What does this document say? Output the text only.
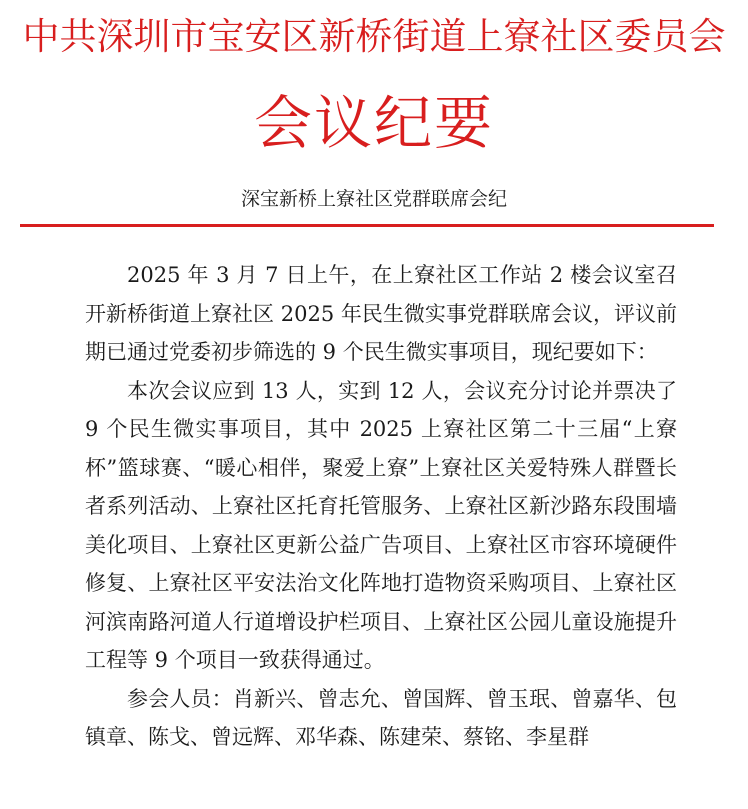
中共深圳市宝安区新桥街道上寮社区委员会
会议纪要
深宝新桥上寮社区党群联席会纪

2025 年 3 月 7 日上午，在上寮社区工作站 2 楼会议室召开新桥街道上寮社区 2025 年民生微实事党群联席会议，评议前期已通过党委初步筛选的 9 个民生微实事项目，现纪要如下：

本次会议应到 13 人，实到 12 人，会议充分讨论并票决了 9 个民生微实事项目，其中 2025 上寮社区第二十三届“上寮杯”篮球赛、“暖心相伴，聚爱上寮”上寮社区关爱特殊人群暨长者系列活动、上寮社区托育托管服务、上寮社区新沙路东段围墙美化项目、上寮社区更新公益广告项目、上寮社区市容环境硬件修复、上寮社区平安法治文化阵地打造物资采购项目、上寮社区河滨南路河道人行道增设护栏项目、上寮社区公园儿童设施提升工程等 9 个项目一致获得通过。

参会人员：肖新兴、曾志允、曾国辉、曾玉珉、曾嘉华、包镇章、陈戈、曾远辉、邓华森、陈建荣、蔡铭、李星群
